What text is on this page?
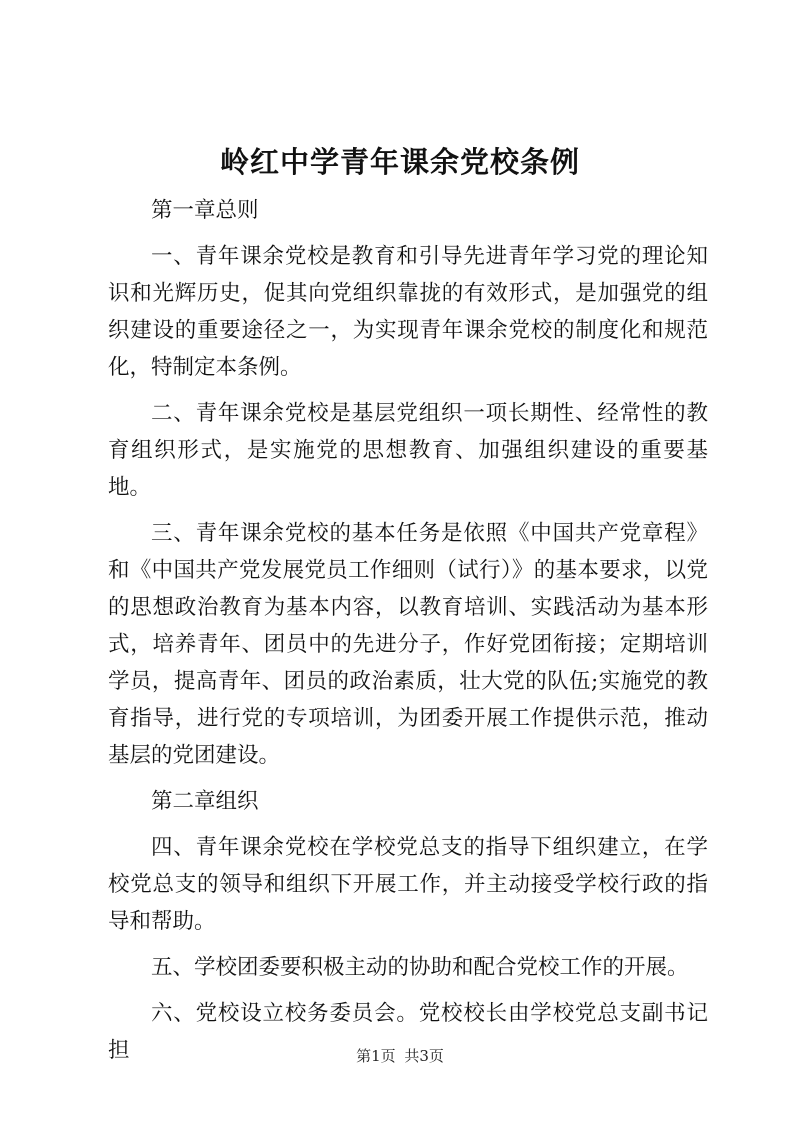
岭红中学青年课余党校条例

第一章总则

一、青年课余党校是教育和引导先进青年学习党的理论知识和光辉历史，促其向党组织靠拢的有效形式，是加强党的组织建设的重要途径之一，为实现青年课余党校的制度化和规范化，特制定本条例。

二、青年课余党校是基层党组织一项长期性、经常性的教育组织形式，是实施党的思想教育、加强组织建设的重要基地。

三、青年课余党校的基本任务是依照《中国共产党章程》和《中国共产党发展党员工作细则（试行）》的基本要求，以党的思想政治教育为基本内容，以教育培训、实践活动为基本形式，培养青年、团员中的先进分子，作好党团衔接；定期培训学员，提高青年、团员的政治素质，壮大党的队伍;实施党的教育指导，进行党的专项培训，为团委开展工作提供示范，推动基层的党团建设。

第二章组织

四、青年课余党校在学校党总支的指导下组织建立，在学校党总支的领导和组织下开展工作，并主动接受学校行政的指导和帮助。

五、学校团委要积极主动的协助和配合党校工作的开展。

六、党校设立校务委员会。党校校长由学校党总支副书记担	第1页 共3页
